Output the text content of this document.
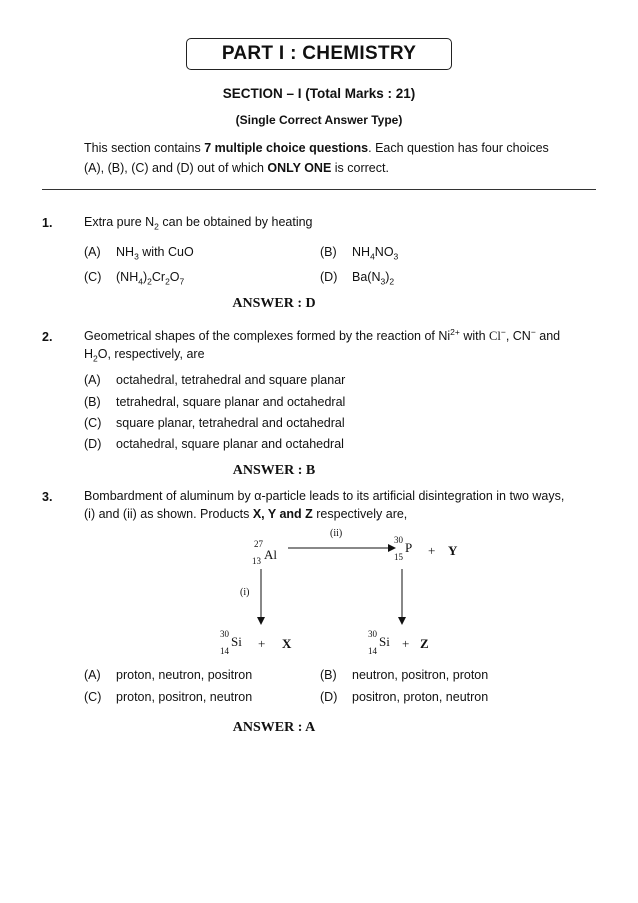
PART I : CHEMISTRY
SECTION – I (Total Marks : 21)
(Single Correct Answer Type)
This section contains 7 multiple choice questions. Each question has four choices
(A), (B), (C) and (D) out of which ONLY ONE is correct.
1.	Extra pure $N_2$ can be obtained by heating
(A) $NH_3$ with CuO	(B) $NH_4NO_3$
(C) $(NH_4)_2Cr_2O_7$	(D) $Ba(N_3)_2$
ANSWER : D
2.	Geometrical shapes of the complexes formed by the reaction of $Ni^{2+}$ with Cl−, CN− and
$H_2O$, respectively, are
(A) octahedral, tetrahedral and square planar
(B) tetrahedral, square planar and octahedral
(C) square planar, tetrahedral and octahedral
(D) octahedral, square planar and octahedral
ANSWER : B
3.	Bombardment of aluminum by α-particle leads to its artificial disintegration in two ways,
(i) and (ii) as shown. Products X, Y and Z respectively are,
27
13 Al
(ii)
30
15
P + Y
(i)
30
14
Si + X
30
14
Si + Z
(A) proton, neutron, positron	(B) neutron, positron, proton
(C) proton, positron, neutron	(D) positron, proton, neutron
ANSWER : A
